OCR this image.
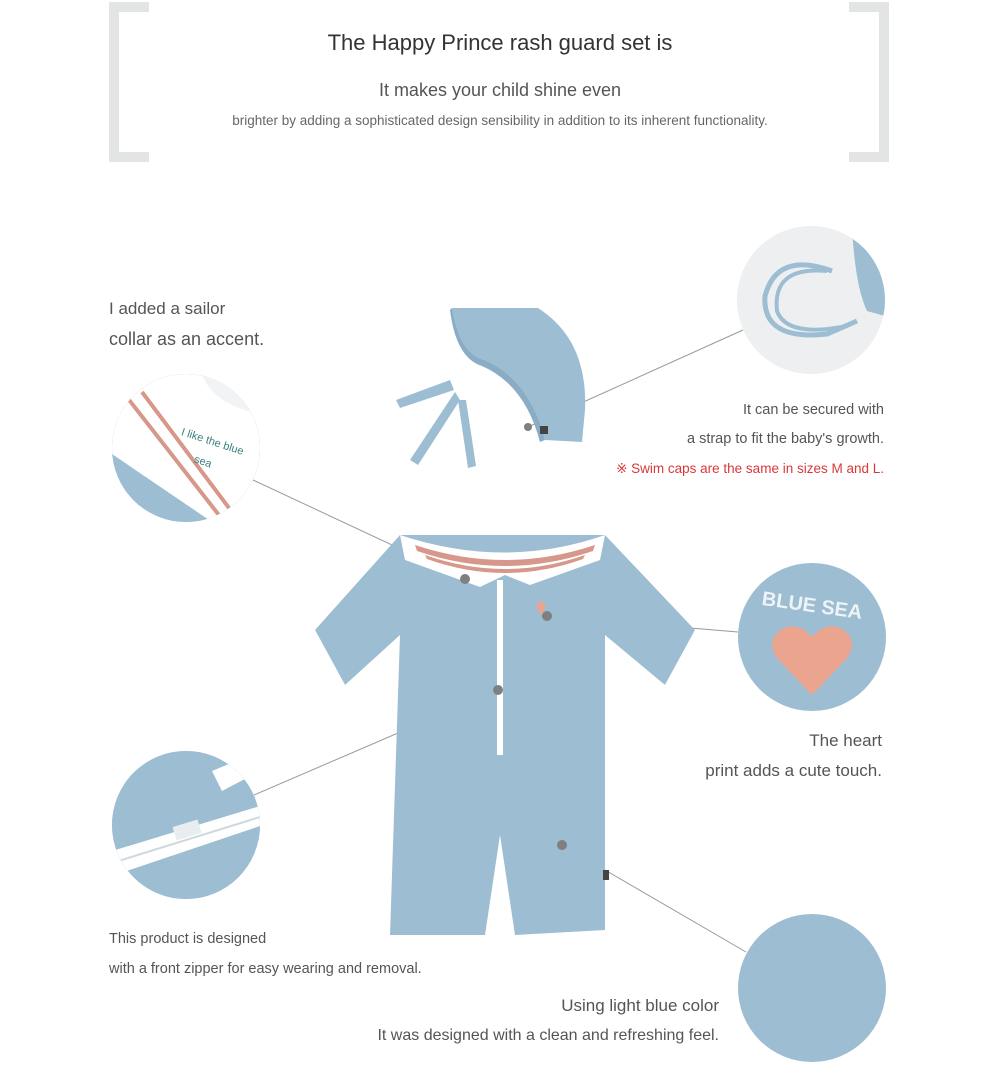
The Happy Prince rash guard set is
It makes your child shine even
brighter by adding a sophisticated design sensibility in addition to its inherent functionality.
I like the blue
sea
BLUE SEA
I added a sailor
collar as an accent.
It can be secured with
a strap to fit the baby's growth.
※ Swim caps are the same in sizes M and L.
The heart
print adds a cute touch.
This product is designed
with a front zipper for easy wearing and removal.
Using light blue color
It was designed with a clean and refreshing feel.
